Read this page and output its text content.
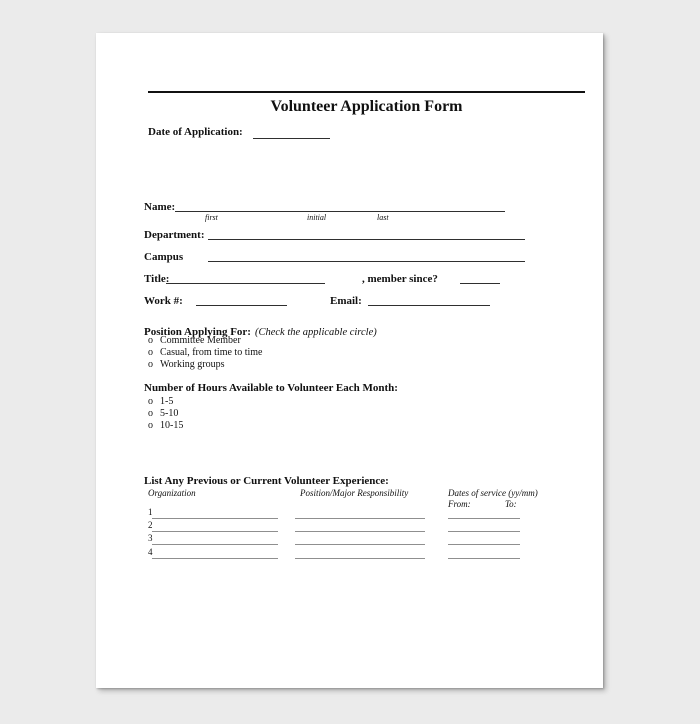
Volunteer Application Form
Date of Application:
Name:
first	initial	last
Department:
Campus
Title:	, member since?
Work #:	Email:
Position Applying For: (Check the applicable circle)
o Committee Member
o Casual, from time to time
o Working groups
Number of Hours Available to Volunteer Each Month:
o 1-5
o 5-10
o 10-15
List Any Previous or Current Volunteer Experience:
Organization	Position/Major Responsibility	Dates of service (yy/mm)
From:	To:
1
2
3
4
